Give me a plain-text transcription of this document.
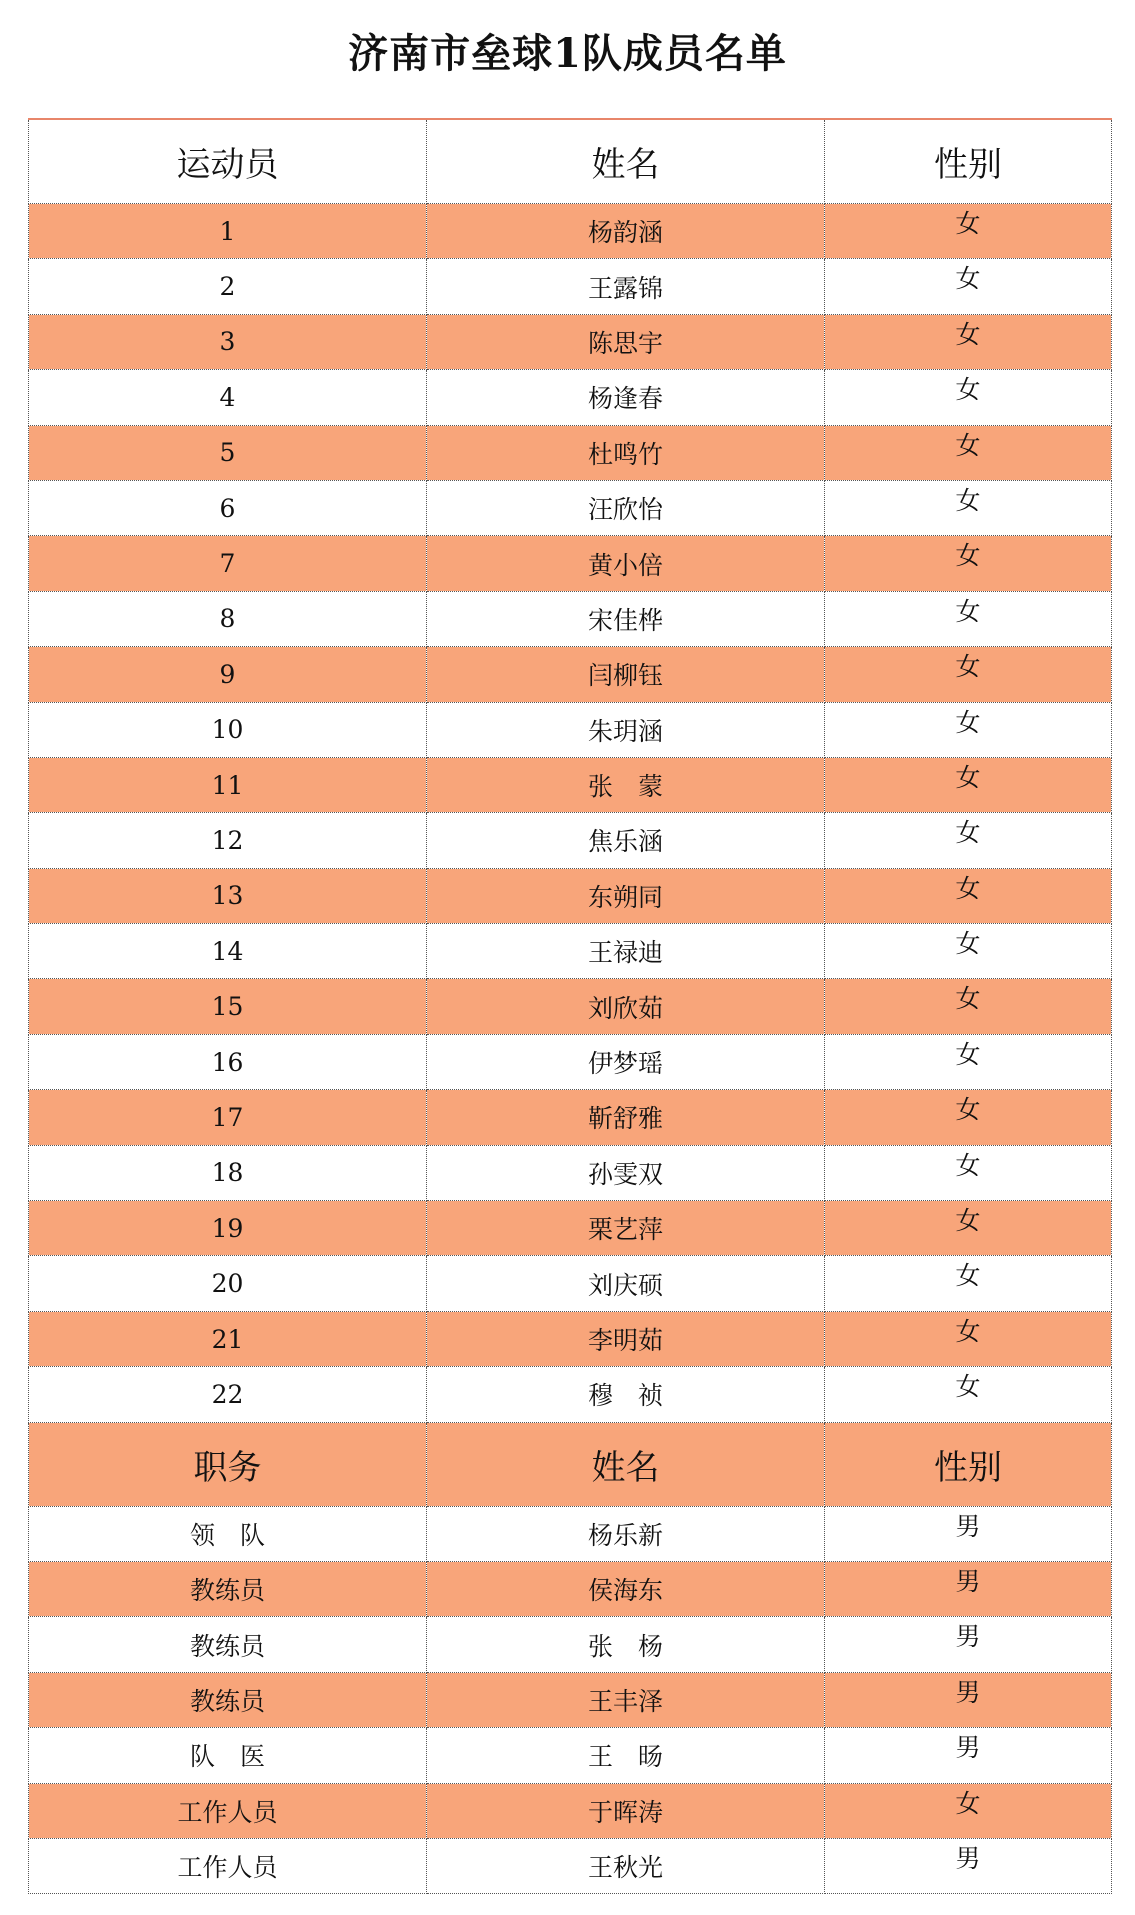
济南市垒球1队成员名单
运动员	姓名	性别
1	杨韵涵	女
2	王露锦	女
3	陈思宇	女
4	杨逢春	女
5	杜鸣竹	女
6	汪欣怡	女
7	黄小倍	女
8	宋佳桦	女
9	闫柳钰	女
10	朱玥涵	女
11	张　蒙	女
12	焦乐涵	女
13	东朔同	女
14	王禄迪	女
15	刘欣茹	女
16	伊梦瑶	女
17	靳舒雅	女
18	孙雯双	女
19	栗艺萍	女
20	刘庆硕	女
21	李明茹	女
22	穆　祯	女
职务	姓名	性别
领　队	杨乐新	男
教练员	侯海东	男
教练员	张　杨	男
教练员	王丰泽	男
队　医	王　旸	男
工作人员	于晖涛	女
工作人员	王秋光	男
